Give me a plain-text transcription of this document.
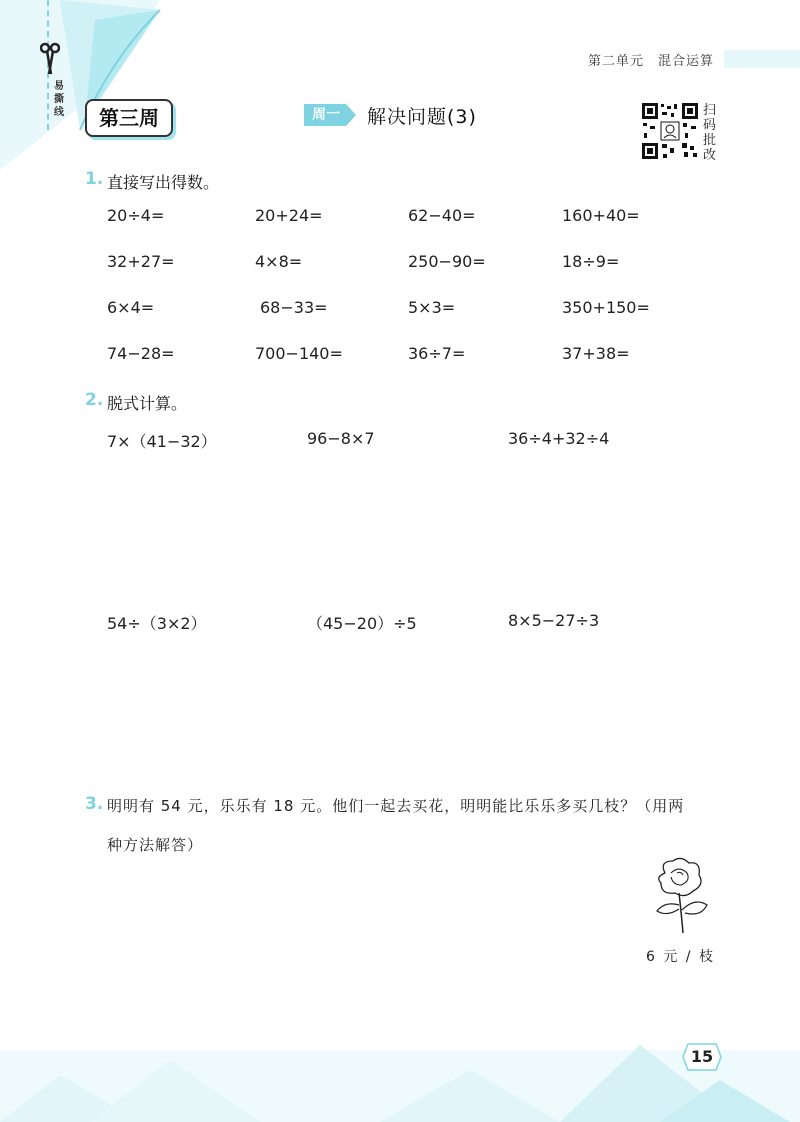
易撕线
第二单元　混合运算
第三周	周一	解决问题(3)	扫码批改
1. 直接写出得数。
20÷4=	20+24=	62−40=	160+40=
32+27=	4×8=	250−90=	18÷9=
6×4=	68−33=	5×3=	350+150=
74−28=	700−140=	36÷7=	37+38=
2. 脱式计算。
7×（41−32）	96−8×7	36÷4+32÷4
54÷（3×2）	（45−20）÷5	8×5−27÷3
3. 明明有 54 元，乐乐有 18 元。他们一起去买花，明明能比乐乐多买几枝？（用两
种方法解答）
6 元 / 枝
15
